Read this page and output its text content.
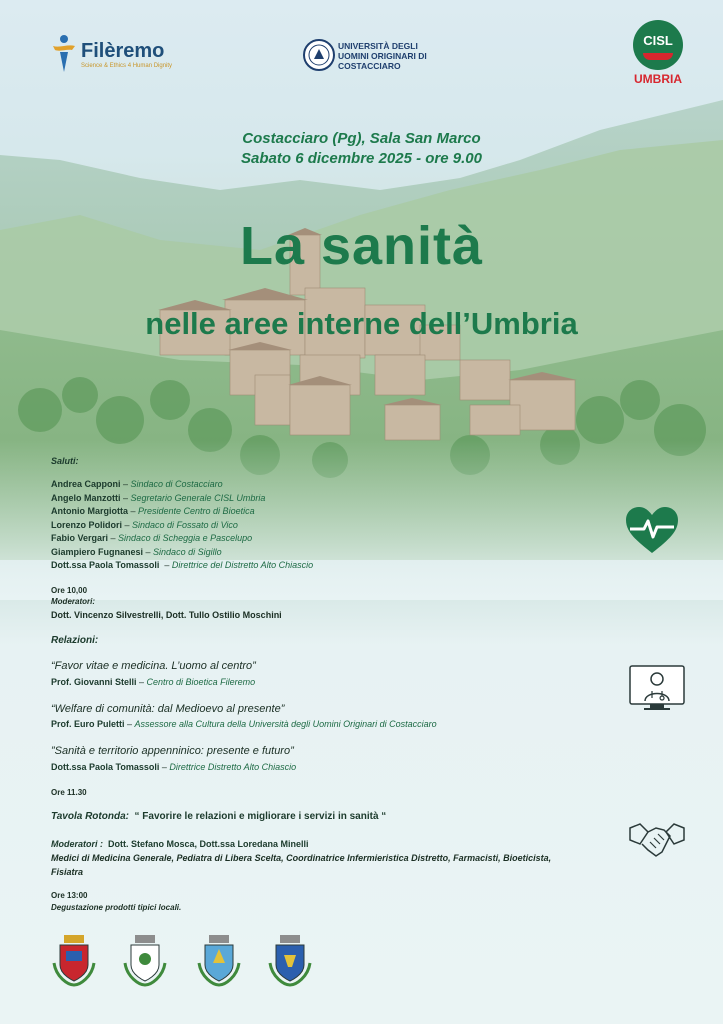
Filèremo
Science & Ethics 4 Human Dignity
UNIVERSITÀ DEGLI UOMINI ORIGINARI DI COSTACCIARO
CISL
UMBRIA
Costacciaro (Pg), Sala San Marco
Sabato 6 dicembre 2025 - ore 9.00
La sanità
nelle aree interne dell’Umbria
Saluti:
Andrea Capponi – Sindaco di Costacciaro
Angelo Manzotti – Segretario Generale CISL Umbria
Antonio Margiotta – Presidente Centro di Bioetica
Lorenzo Polidori – Sindaco di Fossato di Vico
Fabio Vergari – Sindaco di Scheggia e Pascelupo
Giampiero Fugnanesi – Sindaco di Sigillo
Dott.ssa Paola Tomassoli  – Direttrice del Distretto Alto Chiascio
Ore 10,00
Moderatori:
Dott. Vincenzo Silvestrelli, Dott. Tullo Ostilio Moschini
Relazioni:
“Favor vitae e medicina. L’uomo al centro”
Prof. Giovanni Stelli – Centro di Bioetica Fileremo
“Welfare di comunità: dal Medioevo al presente”
Prof. Euro Puletti – Assessore alla Cultura della Università degli Uomini Originari di Costacciaro
”Sanità e territorio appenninico: presente e futuro”
Dott.ssa Paola Tomassoli – Direttrice Distretto Alto Chiascio
Ore 11.30
Tavola Rotonda: “ Favorire le relazioni e migliorare i servizi in sanità “
Moderatori : Dott. Stefano Mosca, Dott.ssa Loredana Minelli
Medici di Medicina Generale, Pediatra di Libera Scelta, Coordinatrice Infermieristica Distretto, Farmacisti, Bioeticista,
Fisiatra
Ore 13:00
Degustazione prodotti tipici locali.
